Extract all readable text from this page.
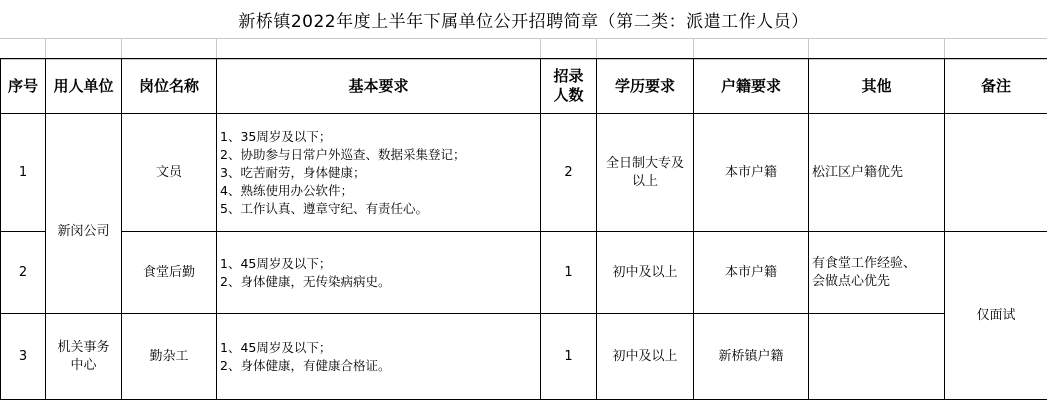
新桥镇2022年度上半年下属单位公开招聘简章（第二类：派遣工作人员）
序号	用人单位	岗位名称	基本要求	招录
人数	学历要求	户籍要求	其他	备注
1	新闵公司	文员	1、35周岁及以下；
2、协助参与日常户外巡查、数据采集登记；
3、吃苦耐劳，身体健康；
4、熟练使用办公软件；
5、工作认真、遵章守纪、有责任心。	2	全日制大专及
以上	本市户籍	松江区户籍优先	
2		食堂后勤	1、45周岁及以下；
2、身体健康，无传染病病史。	1	初中及以上	本市户籍	有食堂工作经验、
会做点心优先	仅面试
3	机关事务
中心	勤杂工	1、45周岁及以下；
2、身体健康，有健康合格证。	1	初中及以上	新桥镇户籍		
